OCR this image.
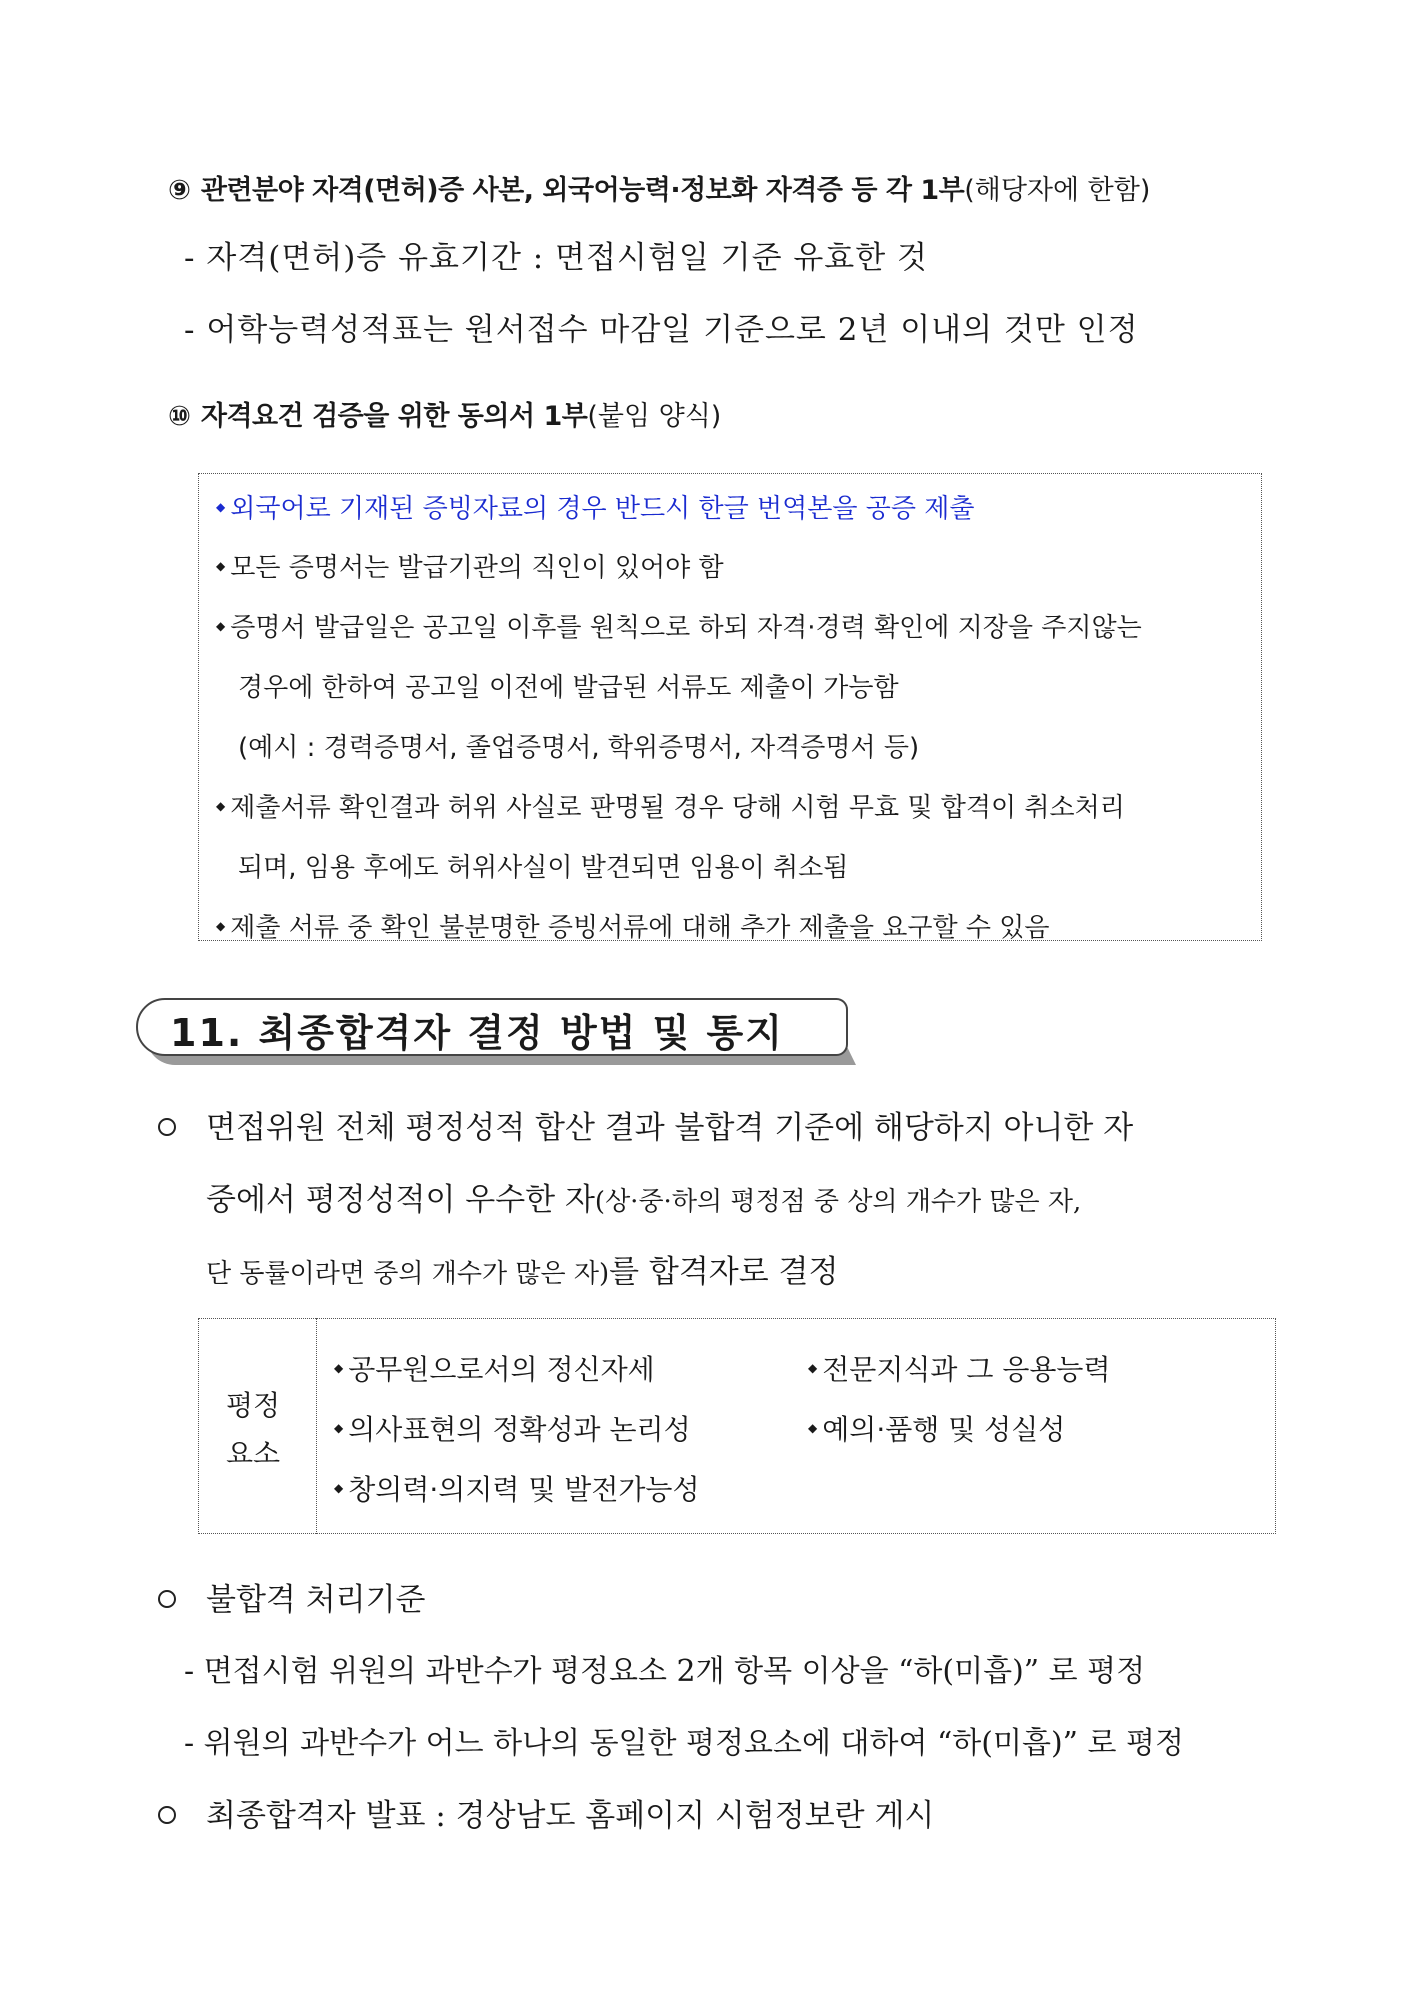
⑨ 관련분야 자격(면허)증 사본, 외국어능력·정보화 자격증 등 각 1부(해당자에 한함)
- 자격(면허)증 유효기간 : 면접시험일 기준 유효한 것
- 어학능력성적표는 원서접수 마감일 기준으로 2년 이내의 것만 인정
⑩ 자격요건 검증을 위한 동의서 1부(붙임 양식)
◆ 외국어로 기재된 증빙자료의 경우 반드시 한글 번역본을 공증 제출
◆ 모든 증명서는 발급기관의 직인이 있어야 함
◆ 증명서 발급일은 공고일 이후를 원칙으로 하되 자격·경력 확인에 지장을 주지않는
경우에 한하여 공고일 이전에 발급된 서류도 제출이 가능함
(예시 : 경력증명서, 졸업증명서, 학위증명서, 자격증명서 등)
◆ 제출서류 확인결과 허위 사실로 판명될 경우 당해 시험 무효 및 합격이 취소처리
되며, 임용 후에도 허위사실이 발견되면 임용이 취소됨
◆ 제출 서류 중 확인 불분명한 증빙서류에 대해 추가 제출을 요구할 수 있음
11. 최종합격자 결정 방법 및 통지
면접위원 전체 평정성적 합산 결과 불합격 기준에 해당하지 아니한 자
중에서 평정성적이 우수한 자(상·중·하의 평정점 중 상의 개수가 많은 자,
단 동률이라면 중의 개수가 많은 자)를 합격자로 결정
평정
요소
◆ 공무원으로서의 정신자세	◆ 전문지식과 그 응용능력
◆ 의사표현의 정확성과 논리성	◆ 예의·품행 및 성실성
◆ 창의력·의지력 및 발전가능성
불합격 처리기준
- 면접시험 위원의 과반수가 평정요소 2개 항목 이상을 “하(미흡)” 로 평정
- 위원의 과반수가 어느 하나의 동일한 평정요소에 대하여 “하(미흡)” 로 평정
최종합격자 발표 : 경상남도 홈페이지 시험정보란 게시
